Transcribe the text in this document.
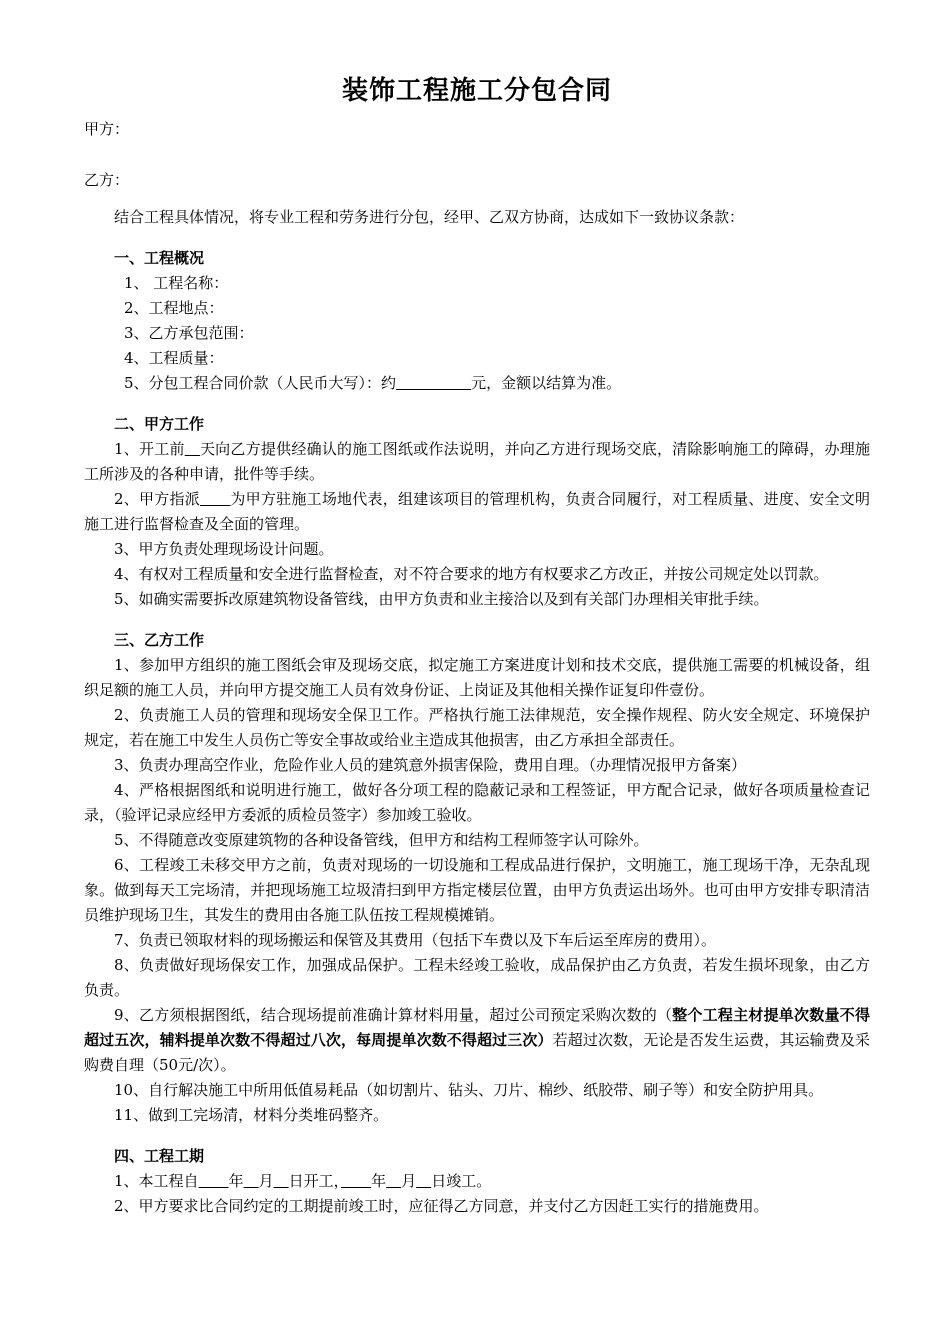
装饰工程施工分包合同

甲方：

乙方：

结合工程具体情况，将专业工程和劳务进行分包，经甲、乙双方协商，达成如下一致协议条款：

一、工程概况

1、 工程名称：

2、工程地点：

3、乙方承包范围：

4、工程质量：

5、分包工程合同价款（人民币大写）：约　　　　　	元，金额以结算为准。

二、甲方工作

1、开工前　 天向乙方提供经确认的施工图纸或作法说明，并向乙方进行现场交底，清除影响施工的障碍，办理施工所涉及的各种申请，批件等手续。

2、甲方指派　　 为甲方驻施工场地代表，组建该项目的管理机构，负责合同履行，对工程质量、进度、安全文明施工进行监督检查及全面的管理。

3、甲方负责处理现场设计问题。

4、有权对工程质量和安全进行监督检查，对不符合要求的地方有权要求乙方改正，并按公司规定处以罚款。

5、如确实需要拆改原建筑物设备管线，由甲方负责和业主接洽以及到有关部门办理相关审批手续。

三、乙方工作

1、参加甲方组织的施工图纸会审及现场交底，拟定施工方案进度计划和技术交底，提供施工需要的机械设备，组织足额的施工人员，并向甲方提交施工人员有效身份证、上岗证及其他相关操作证复印件壹份。

2、负责施工人员的管理和现场安全保卫工作。严格执行施工法律规范，安全操作规程、防火安全规定、环境保护规定，若在施工中发生人员伤亡等安全事故或给业主造成其他损害，由乙方承担全部责任。

3、负责办理高空作业，危险作业人员的建筑意外损害保险，费用自理。（办理情况报甲方备案）

4、严格根据图纸和说明进行施工，做好各分项工程的隐蔽记录和工程签证，甲方配合记录，做好各项质量检查记录，（验评记录应经甲方委派的质检员签字）参加竣工验收。

5、不得随意改变原建筑物的各种设备管线，但甲方和结构工程师签字认可除外。

6、工程竣工未移交甲方之前，负责对现场的一切设施和工程成品进行保护，文明施工，施工现场干净，无杂乱现象。做到每天工完场清，并把现场施工垃圾清扫到甲方指定楼层位置，由甲方负责运出场外。也可由甲方安排专职清洁员维护现场卫生，其发生的费用由各施工队伍按工程规模摊销。

7、负责已领取材料的现场搬运和保管及其费用（包括下车费以及下车后运至库房的费用）。

8、负责做好现场保安工作，加强成品保护。工程未经竣工验收，成品保护由乙方负责，若发生损坏现象，由乙方负责。

9、乙方须根据图纸，结合现场提前准确计算材料用量，超过公司预定采购次数的（整个工程主材提单次数量不得超过五次，辅料提单次数不得超过八次，每周提单次数不得超过三次）若超过次数，无论是否发生运费，其运输费及采购费自理（50元/次）。

10、自行解决施工中所用低值易耗品（如切割片、钻头、刀片、棉纱、纸胶带、刷子等）和安全防护用具。

11、做到工完场清，材料分类堆码整齐。

四、工程工期

1、本工程自　　 年　 月　 日开工，　　 年　 月　 日竣工。

2、甲方要求比合同约定的工期提前竣工时，应征得乙方同意，并支付乙方因赶工实行的措施费用。
